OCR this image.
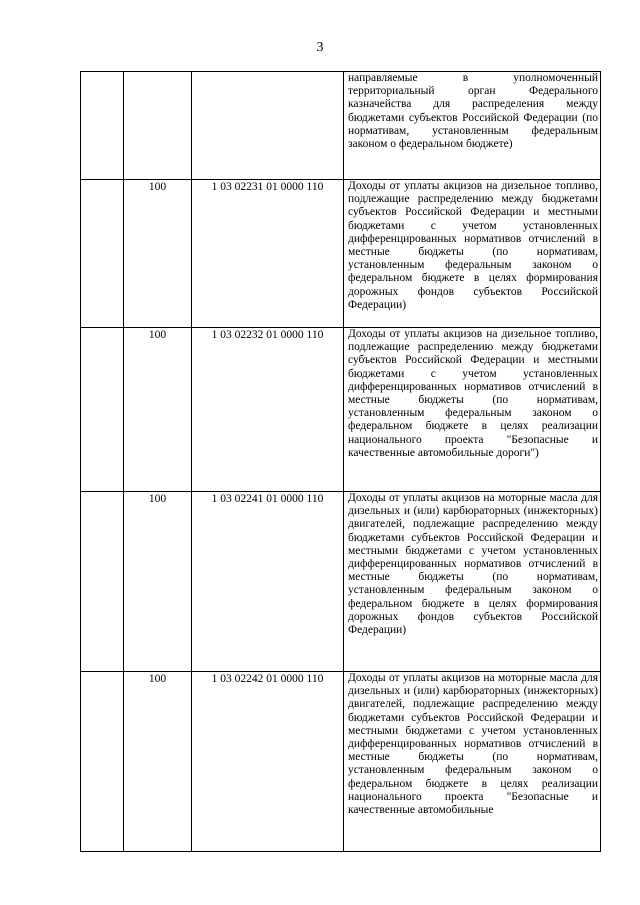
3
			направляемые в уполномоченный территориальный орган Федерального казначейства для распределения между бюджетами субъектов Российской Федерации (по нормативам, установленным федеральным законом о федеральном бюджете)
	100	1 03 02231 01 0000 110	Доходы от уплаты акцизов на дизельное топливо, подлежащие распределению между бюджетами субъектов Российской Федерации и местными бюджетами с учетом установленных дифференцированных нормативов отчислений в местные бюджеты (по нормативам, установленным федеральным законом о федеральном бюджете в целях формирования дорожных фондов субъектов Российской Федерации)
	100	1 03 02232 01 0000 110	Доходы от уплаты акцизов на дизельное топливо, подлежащие распределению между бюджетами субъектов Российской Федерации и местными бюджетами с учетом установленных дифференцированных нормативов отчислений в местные бюджеты (по нормативам, установленным федеральным законом о федеральном бюджете в целях реализации национального проекта "Безопасные и качественные автомобильные дороги")
	100	1 03 02241 01 0000 110	Доходы от уплаты акцизов на моторные масла для дизельных и (или) карбюраторных (инжекторных) двигателей, подлежащие распределению между бюджетами субъектов Российской Федерации и местными бюджетами с учетом установленных дифференцированных нормативов отчислений в местные бюджеты (по нормативам, установленным федеральным законом о федеральном бюджете в целях формирования дорожных фондов субъектов Российской Федерации)
	100	1 03 02242 01 0000 110	Доходы от уплаты акцизов на моторные масла для дизельных и (или) карбюраторных (инжекторных) двигателей, подлежащие распределению между бюджетами субъектов Российской Федерации и местными бюджетами с учетом установленных дифференцированных нормативов отчислений в местные бюджеты (по нормативам, установленным федеральным законом о федеральном бюджете в целях реализации национального проекта "Безопасные и качественные автомобильные
